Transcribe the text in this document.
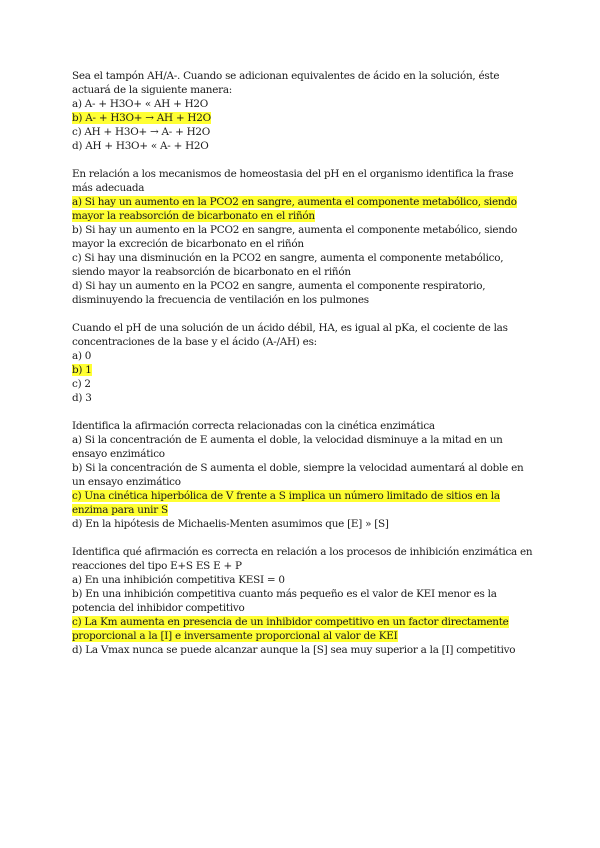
Sea el tampón AH/A-. Cuando se adicionan equivalentes de ácido en la solución, éste actuará de la siguiente manera:
a) A- + H3O+ « AH + H2O
b) A- + H3O+ → AH + H2O
c) AH + H3O+ → A- + H2O
d) AH + H3O+ « A- + H2O
En relación a los mecanismos de homeostasia del pH en el organismo identifica la frase más adecuada
a) Si hay un aumento en la PCO2 en sangre, aumenta el componente metabólico, siendo mayor la reabsorción de bicarbonato en el riñón
b) Si hay un aumento en la PCO2 en sangre, aumenta el componente metabólico, siendo mayor la excreción de bicarbonato en el riñón
c) Si hay una disminución en la PCO2 en sangre, aumenta el componente metabólico, siendo mayor la reabsorción de bicarbonato en el riñón
d) Si hay un aumento en la PCO2 en sangre, aumenta el componente respiratorio, disminuyendo la frecuencia de ventilación en los pulmones
Cuando el pH de una solución de un ácido débil, HA, es igual al pKa, el cociente de las concentraciones de la base y el ácido (A-/AH) es:
a) 0
b) 1
c) 2
d) 3
Identifica la afirmación correcta relacionadas con la cinética enzimática
a) Si la concentración de E aumenta el doble, la velocidad disminuye a la mitad en un ensayo enzimático
b) Si la concentración de S aumenta el doble, siempre la velocidad aumentará al doble en un ensayo enzimático
c) Una cinética hiperbólica de V frente a S implica un número limitado de sitios en la enzima para unir S
d) En la hipótesis de Michaelis-Menten asumimos que [E] » [S]
Identifica qué afirmación es correcta en relación a los procesos de inhibición enzimática en reacciones del tipo E+S ES E + P
a) En una inhibición competitiva KESI = 0
b) En una inhibición competitiva cuanto más pequeño es el valor de KEI menor es la potencia del inhibidor competitivo
c) La Km aumenta en presencia de un inhibidor competitivo en un factor directamente proporcional a la [I] e inversamente proporcional al valor de KEI
d) La Vmax nunca se puede alcanzar aunque la [S] sea muy superior a la [I] competitivo
